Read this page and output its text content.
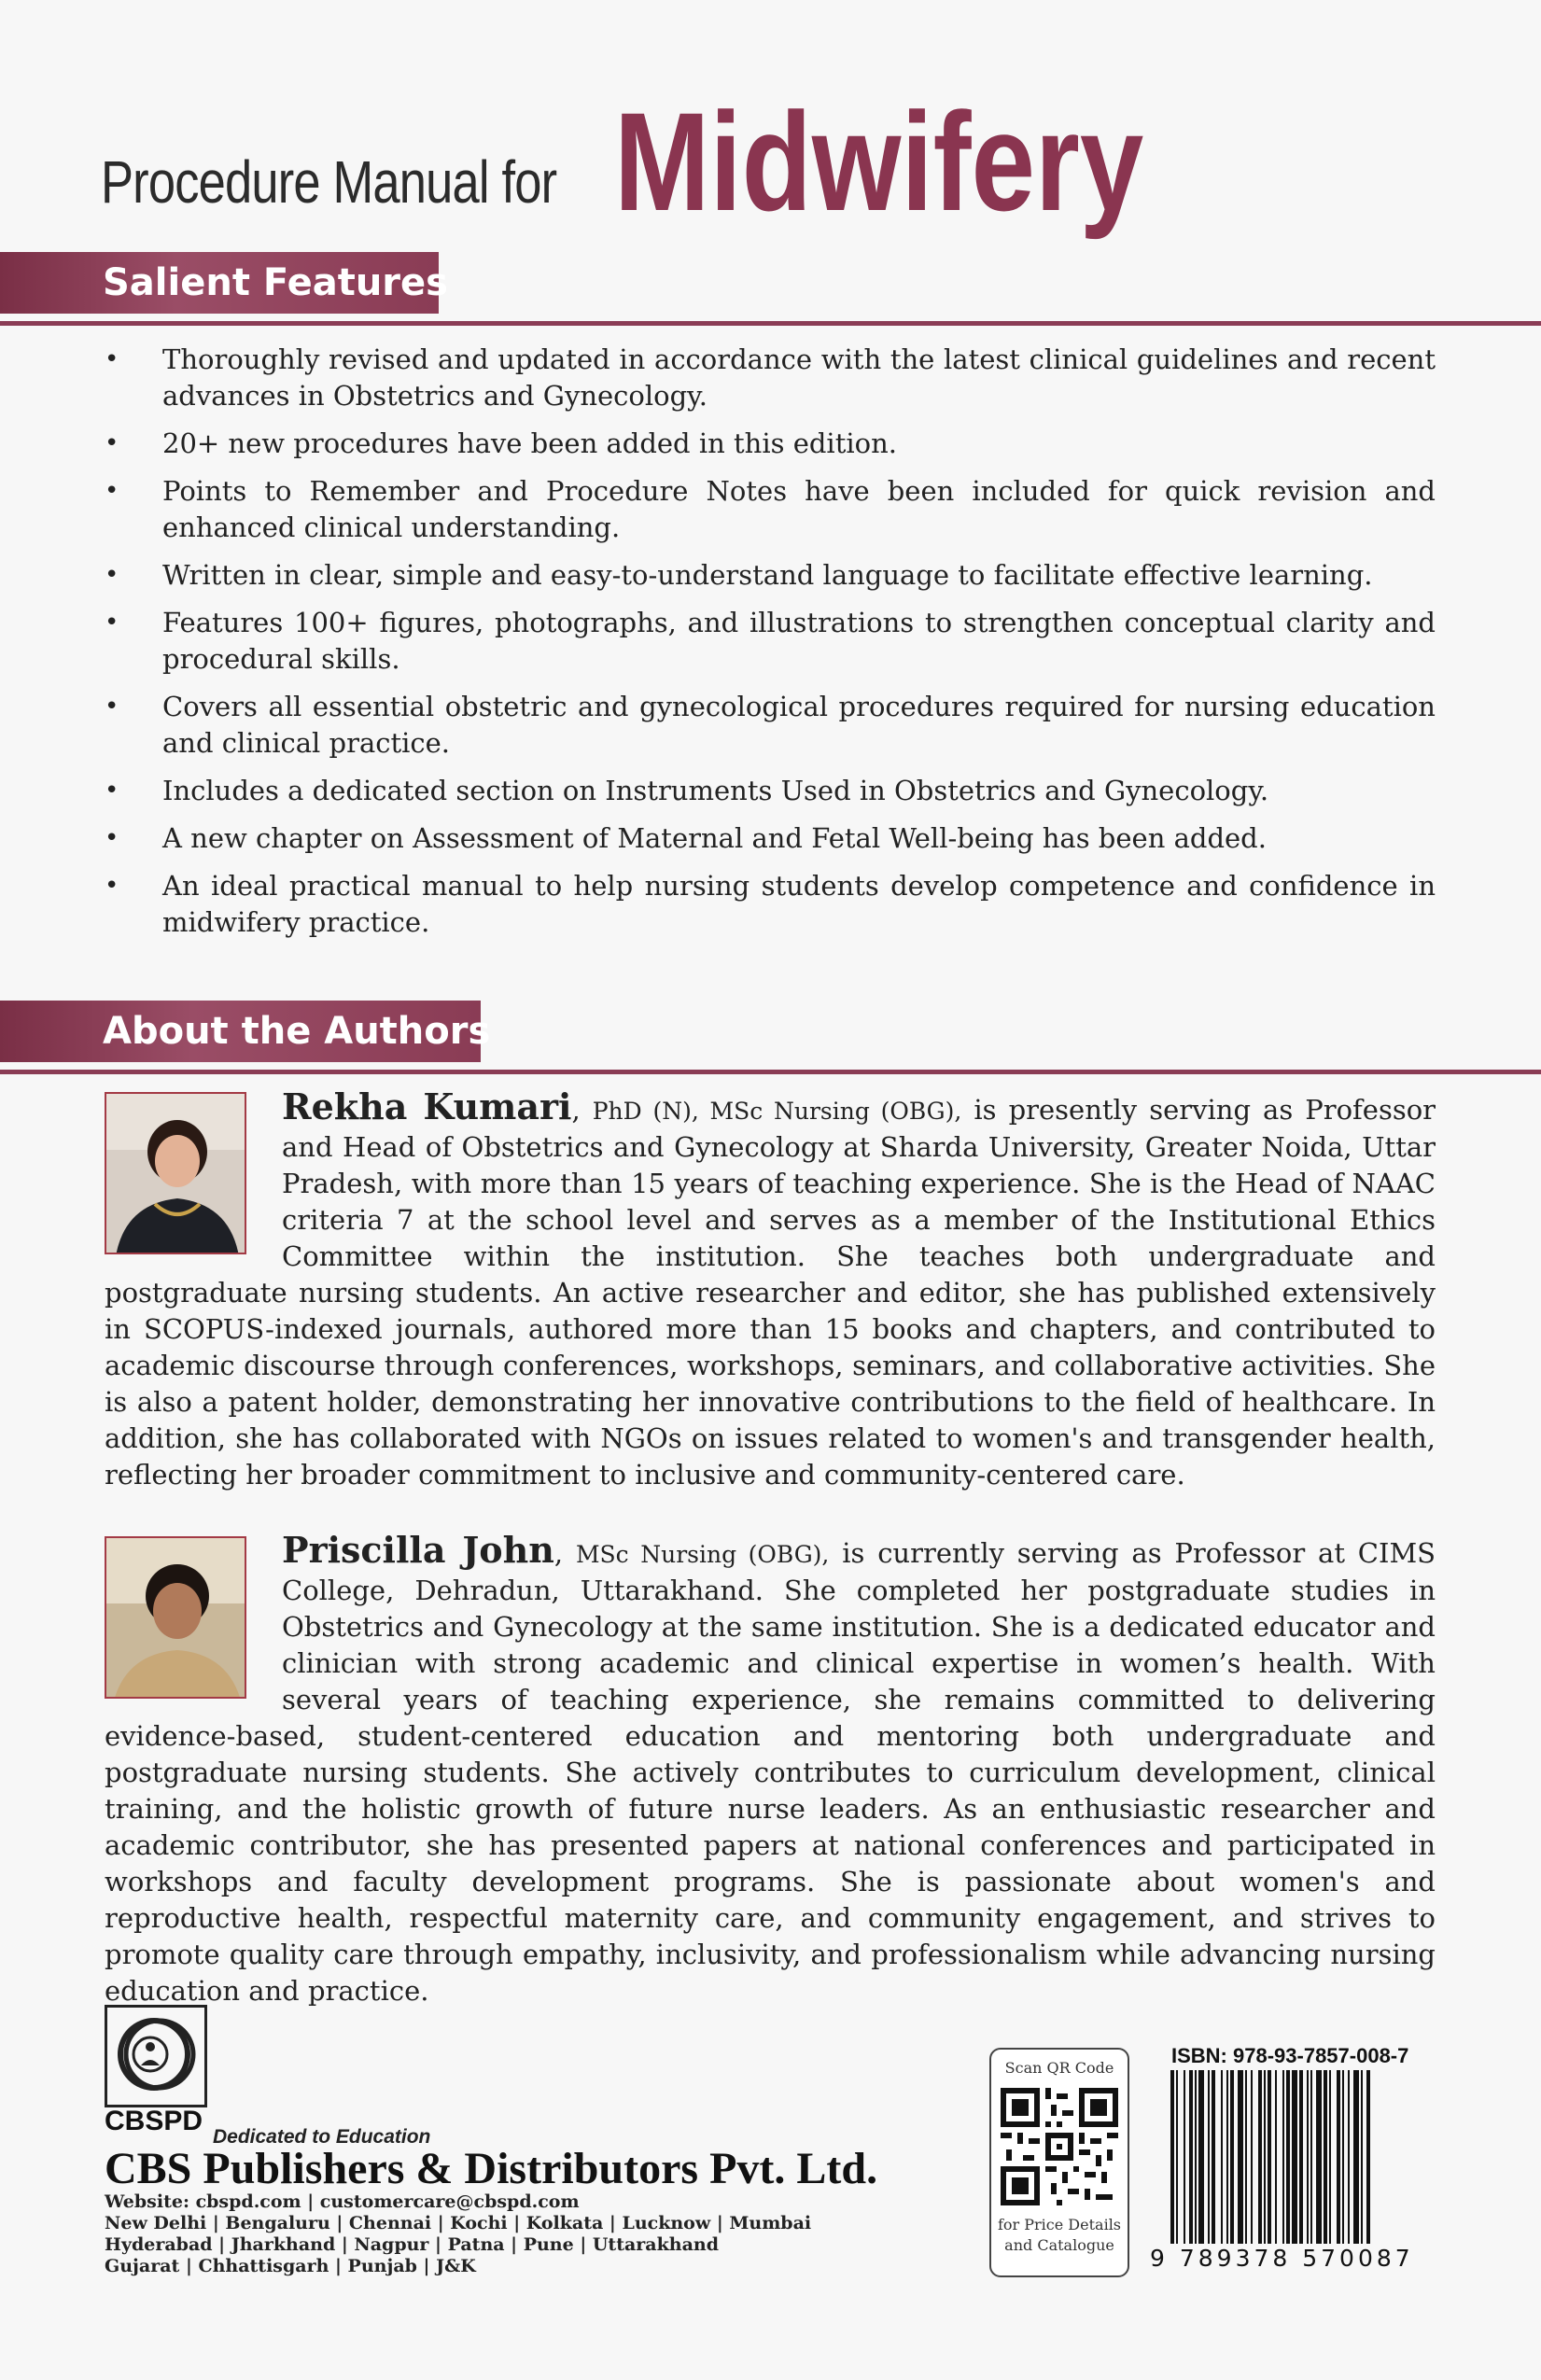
Procedure Manual for Midwifery
Salient Features
• Thoroughly revised and updated in accordance with the latest clinical guidelines and recent advances in Obstetrics and Gynecology.
• 20+ new procedures have been added in this edition.
• Points to Remember and Procedure Notes have been included for quick revision and enhanced clinical understanding.
• Written in clear, simple and easy-to-understand language to facilitate effective learning.
• Features 100+ figures, photographs, and illustrations to strengthen conceptual clarity and procedural skills.
• Covers all essential obstetric and gynecological procedures required for nursing education and clinical practice.
• Includes a dedicated section on Instruments Used in Obstetrics and Gynecology.
• A new chapter on Assessment of Maternal and Fetal Well-being has been added.
• An ideal practical manual to help nursing students develop competence and confidence in midwifery practice.
About the Authors
Rekha Kumari, PhD (N), MSc Nursing (OBG), is presently serving as Professor and Head of Obstetrics and Gynecology at Sharda University, Greater Noida, Uttar Pradesh, with more than 15 years of teaching experience. She is the Head of NAAC criteria 7 at the school level and serves as a member of the Institutional Ethics Committee within the institution. She teaches both undergraduate and postgraduate nursing students. An active researcher and editor, she has published extensively in SCOPUS-indexed journals, authored more than 15 books and chapters, and contributed to academic discourse through conferences, workshops, seminars, and collaborative activities. She is also a patent holder, demonstrating her innovative contributions to the field of healthcare. In addition, she has collaborated with NGOs on issues related to women's and transgender health, reflecting her broader commitment to inclusive and community-centered care.
Priscilla John, MSc Nursing (OBG), is currently serving as Professor at CIMS College, Dehradun, Uttarakhand. She completed her postgraduate studies in Obstetrics and Gynecology at the same institution. She is a dedicated educator and clinician with strong academic and clinical expertise in women’s health. With several years of teaching experience, she remains committed to delivering evidence-based, student-centered education and mentoring both undergraduate and postgraduate nursing students. She actively contributes to curriculum development, clinical training, and the holistic growth of future nurse leaders. As an enthusiastic researcher and academic contributor, she has presented papers at national conferences and participated in workshops and faculty development programs. She is passionate about women's and reproductive health, respectful maternity care, and community engagement, and strives to promote quality care through empathy, inclusivity, and professionalism while advancing nursing education and practice.
CBSPD
Dedicated to Education
CBS Publishers & Distributors Pvt. Ltd.
Website: cbspd.com | customercare@cbspd.com
New Delhi | Bengaluru | Chennai | Kochi | Kolkata | Lucknow | Mumbai
Hyderabad | Jharkhand | Nagpur | Patna | Pune | Uttarakhand
Gujarat | Chhattisgarh | Punjab | J&K
Scan QR Code
for Price Details
and Catalogue
ISBN: 978-93-7857-008-7
9 789378 570087
